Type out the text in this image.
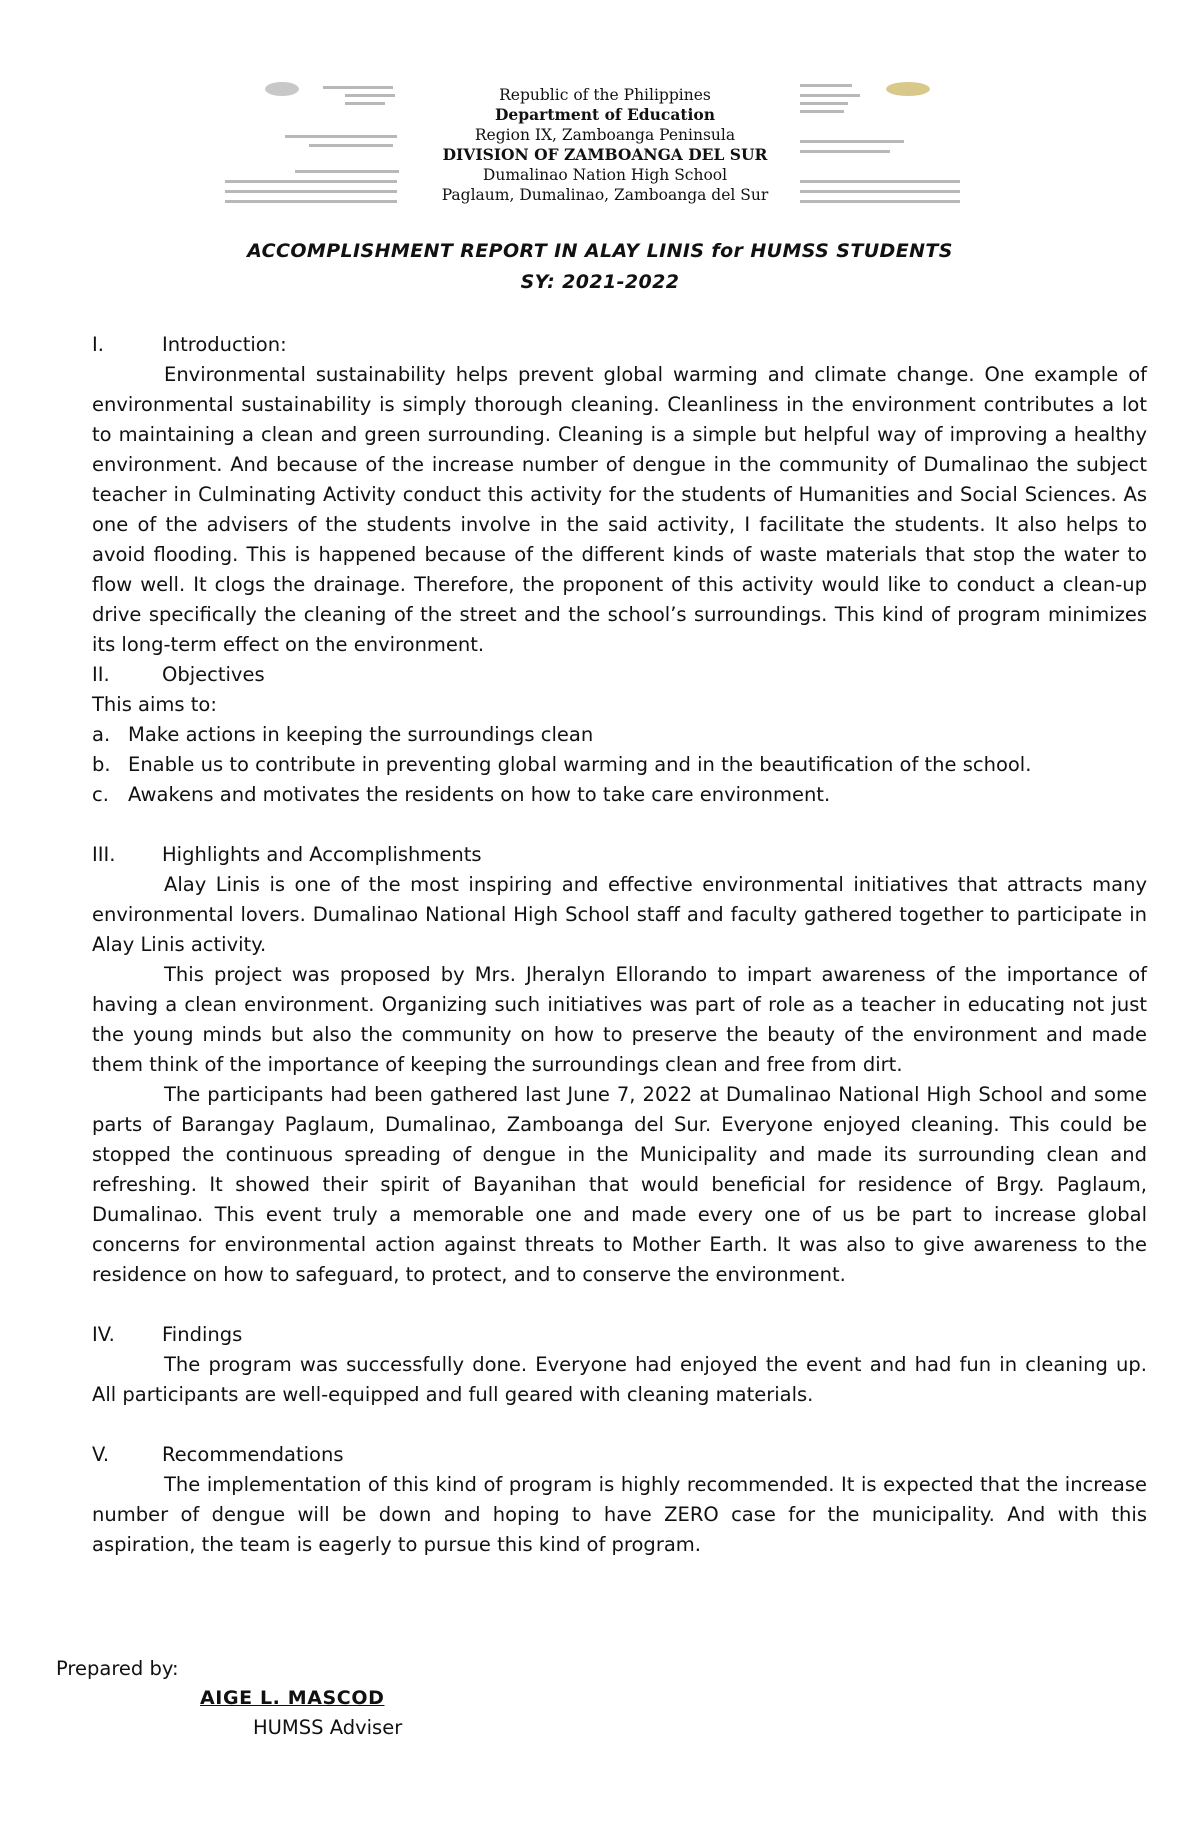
Republic of the Philippines
Department of Education
Region IX, Zamboanga Peninsula
DIVISION OF ZAMBOANGA DEL SUR
Dumalinao Nation High School
Paglaum, Dumalinao, Zamboanga del Sur
ACCOMPLISHMENT REPORT IN ALAY LINIS for HUMSS STUDENTS
SY: 2021-2022
I.	Introduction:

Environmental sustainability helps prevent global warming and climate change. One example of environmental sustainability is simply thorough cleaning. Cleanliness in the environment contributes a lot to maintaining a clean and green surrounding. Cleaning is a simple but helpful way of improving a healthy environment. And because of the increase number of dengue in the community of Dumalinao the subject teacher in Culminating Activity conduct this activity for the students of Humanities and Social Sciences. As one of the advisers of the students involve in the said activity, I facilitate the students. It also helps to avoid flooding. This is happened because of the different kinds of waste materials that stop the water to flow well. It clogs the drainage. Therefore, the proponent of this activity would like to conduct a clean-up drive specifically the cleaning of the street and the school’s surroundings. This kind of program minimizes its long-term effect on the environment.

II.	Objectives
This aims to:
a. Make actions in keeping the surroundings clean
b. Enable us to contribute in preventing global warming and in the beautification of the school.
c. Awakens and motivates the residents on how to take care environment.
III. Highlights and Accomplishments

Alay Linis is one of the most inspiring and effective environmental initiatives that attracts many environmental lovers. Dumalinao National High School staff and faculty gathered together to participate in Alay Linis activity.

This project was proposed by Mrs. Jheralyn Ellorando to impart awareness of the importance of having a clean environment. Organizing such initiatives was part of role as a teacher in educating not just the young minds but also the community on how to preserve the beauty of the environment and made them think of the importance of keeping the surroundings clean and free from dirt.

The participants had been gathered last June 7, 2022 at Dumalinao National High School and some parts of Barangay Paglaum, Dumalinao, Zamboanga del Sur. Everyone enjoyed cleaning. This could be stopped the continuous spreading of dengue in the Municipality and made its surrounding clean and refreshing. It showed their spirit of Bayanihan that would beneficial for residence of Brgy. Paglaum, Dumalinao. This event truly a memorable one and made every one of us be part to increase global concerns for environmental action against threats to Mother Earth. It was also to give awareness to the residence on how to safeguard, to protect, and to conserve the environment.

IV. Findings

The program was successfully done. Everyone had enjoyed the event and had fun in cleaning up. All participants are well-equipped and full geared with cleaning materials.

V.	Recommendations

The implementation of this kind of program is highly recommended. It is expected that the increase number of dengue will be down and hoping to have ZERO case for the municipality. And with this aspiration, the team is eagerly to pursue this kind of program.

Prepared by:
AIGE L. MASCOD
HUMSS Adviser
